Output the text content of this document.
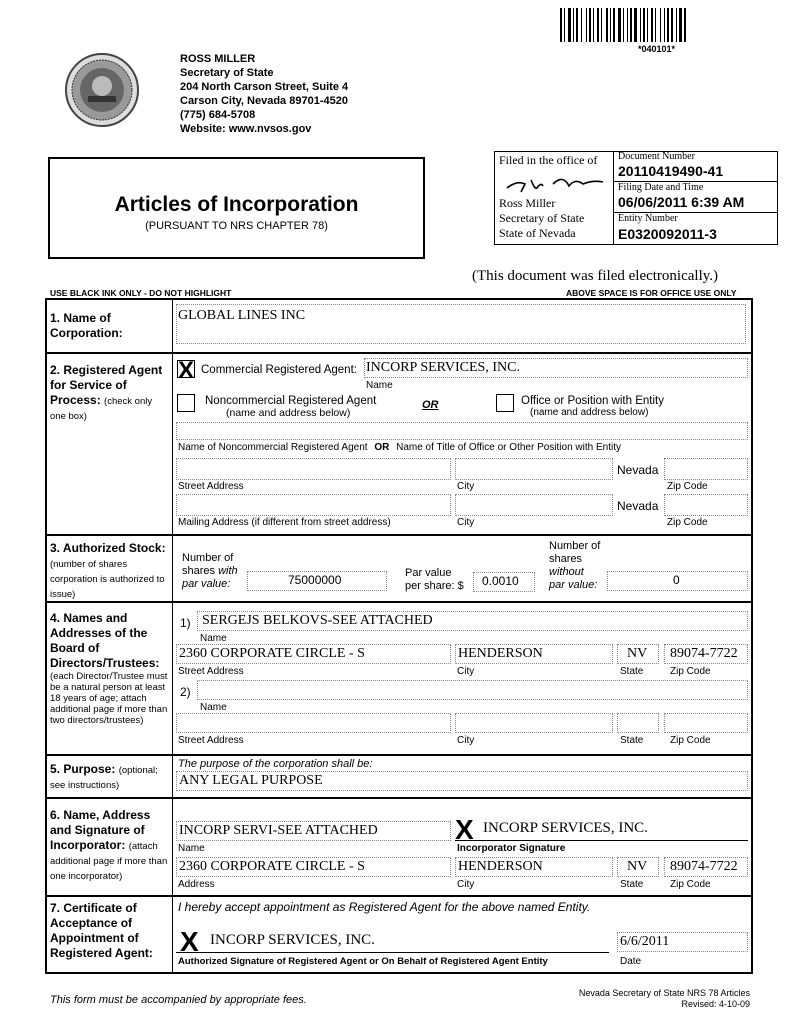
*040101*
ROSS MILLER
Secretary of State
204 North Carson Street, Suite 4
Carson City, Nevada 89701-4520
(775) 684-5708
Website: www.nvsos.gov
Articles of Incorporation
(PURSUANT TO NRS CHAPTER 78)
Filed in the office of
Ross Miller
Secretary of State
State of Nevada
Document Number
20110419490-41
Filing Date and Time
06/06/2011 6:39 AM
Entity Number
E0320092011-3
(This document was filed electronically.)
USE BLACK INK ONLY - DO NOT HIGHLIGHT	ABOVE SPACE IS FOR OFFICE USE ONLY
1. Name of Corporation:
GLOBAL LINES INC
2. Registered Agent for Service of Process: (check only one box)
X Commercial Registered Agent: INCORP SERVICES, INC.
Name
Noncommercial Registered Agent
(name and address below)
OR	Office or Position with Entity
(name and address below)
Name of Noncommercial Registered Agent OR Name of Title of Office or Other Position with Entity
Nevada
Street Address	City	Zip Code
Nevada
Mailing Address (if different from street address)	City	Zip Code
3. Authorized Stock: (number of shares corporation is authorized to issue)
Number of
shares with
par value:	75000000	Par value
per share: $ 0.0010
Number of
shares
without
par value:	0
4. Names and Addresses of the Board of Directors/Trustees:
(each Director/Trustee must be a natural person at least 18 years of age; attach additional page if more than two directors/trustees)
1) SERGEJS BELKOVS-SEE ATTACHED
Name
2360 CORPORATE CIRCLE - S	HENDERSON	NV 89074-7722
Street Address	City	State	Zip Code
2)
Name
Street Address	City	State	Zip Code
5. Purpose: (optional; see instructions)
The purpose of the corporation shall be:
ANY LEGAL PURPOSE
6. Name, Address and Signature of Incorporator: (attach additional page if more than one incorporator)
INCORP SERVI-SEE ATTACHED	X INCORP SERVICES, INC.
Name	Incorporator Signature
2360 CORPORATE CIRCLE - S	HENDERSON	NV 89074-7722
Address	City	State	Zip Code
7. Certificate of Acceptance of Appointment of Registered Agent:
I hereby accept appointment as Registered Agent for the above named Entity.
X INCORP SERVICES, INC.	6/6/2011
Authorized Signature of Registered Agent or On Behalf of Registered Agent Entity	Date
This form must be accompanied by appropriate fees.
Nevada Secretary of State NRS 78 Articles
Revised: 4-10-09
